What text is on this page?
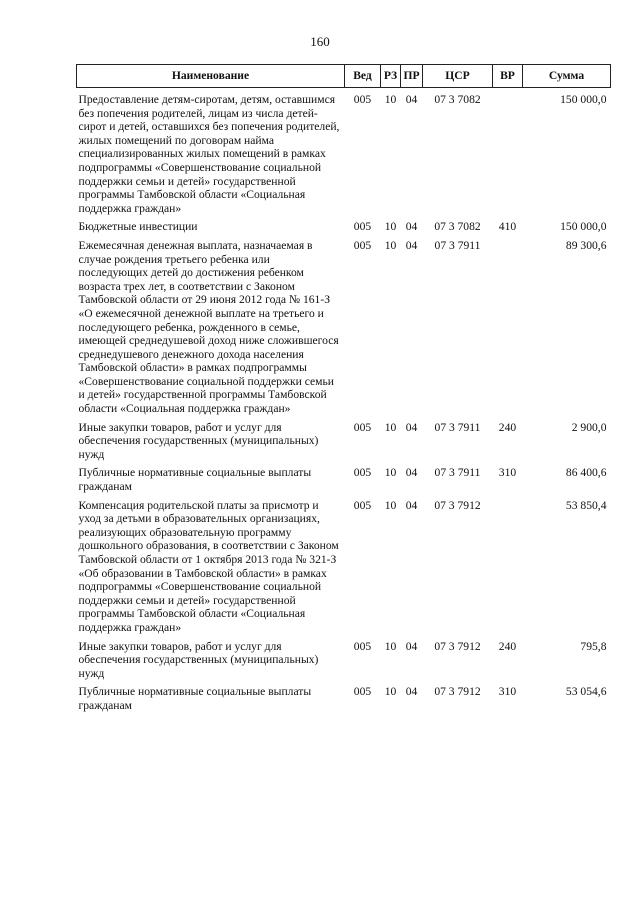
160
Наименование	Вед	РЗ	ПР	ЦСР	ВР	Сумма
Предоставление детям-сиротам, детям, оставшимся без попечения родителей, лицам из числа детей-сирот и детей, оставшихся без попечения родителей, жилых помещений по договорам найма специализированных жилых помещений в рамках подпрограммы «Совершенствование социальной поддержки семьи и детей» государственной программы Тамбовской области «Социальная поддержка граждан»	005	10	04	07 3 7082		150 000,0
Бюджетные инвестиции	005	10	04	07 3 7082	410	150 000,0
Ежемесячная денежная выплата, назначаемая в случае рождения третьего ребенка или последующих детей до достижения ребенком возраста трех лет, в соответствии с Законом Тамбовской области от 29 июня 2012 года № 161-З «О ежемесячной денежной выплате на третьего и последующего ребенка, рожденного в семье, имеющей среднедушевой доход ниже сложившегося среднедушевого денежного дохода населения Тамбовской области» в рамках подпрограммы «Совершенствование социальной поддержки семьи и детей» государственной программы Тамбовской области «Социальная поддержка граждан»	005	10	04	07 3 7911		89 300,6
Иные закупки товаров, работ и услуг для обеспечения государственных (муниципальных) нужд	005	10	04	07 3 7911	240	2 900,0
Публичные нормативные социальные выплаты гражданам	005	10	04	07 3 7911	310	86 400,6
Компенсация родительской платы за присмотр и уход за детьми в образовательных организациях, реализующих образовательную программу дошкольного образования, в соответствии с Законом Тамбовской области от 1 октября 2013 года № 321-З «Об образовании в Тамбовской области» в рамках подпрограммы «Совершенствование социальной поддержки семьи и детей» государственной программы Тамбовской области «Социальная поддержка граждан»	005	10	04	07 3 7912		53 850,4
Иные закупки товаров, работ и услуг для обеспечения государственных (муниципальных) нужд	005	10	04	07 3 7912	240	795,8
Публичные нормативные социальные выплаты гражданам	005	10	04	07 3 7912	310	53 054,6
